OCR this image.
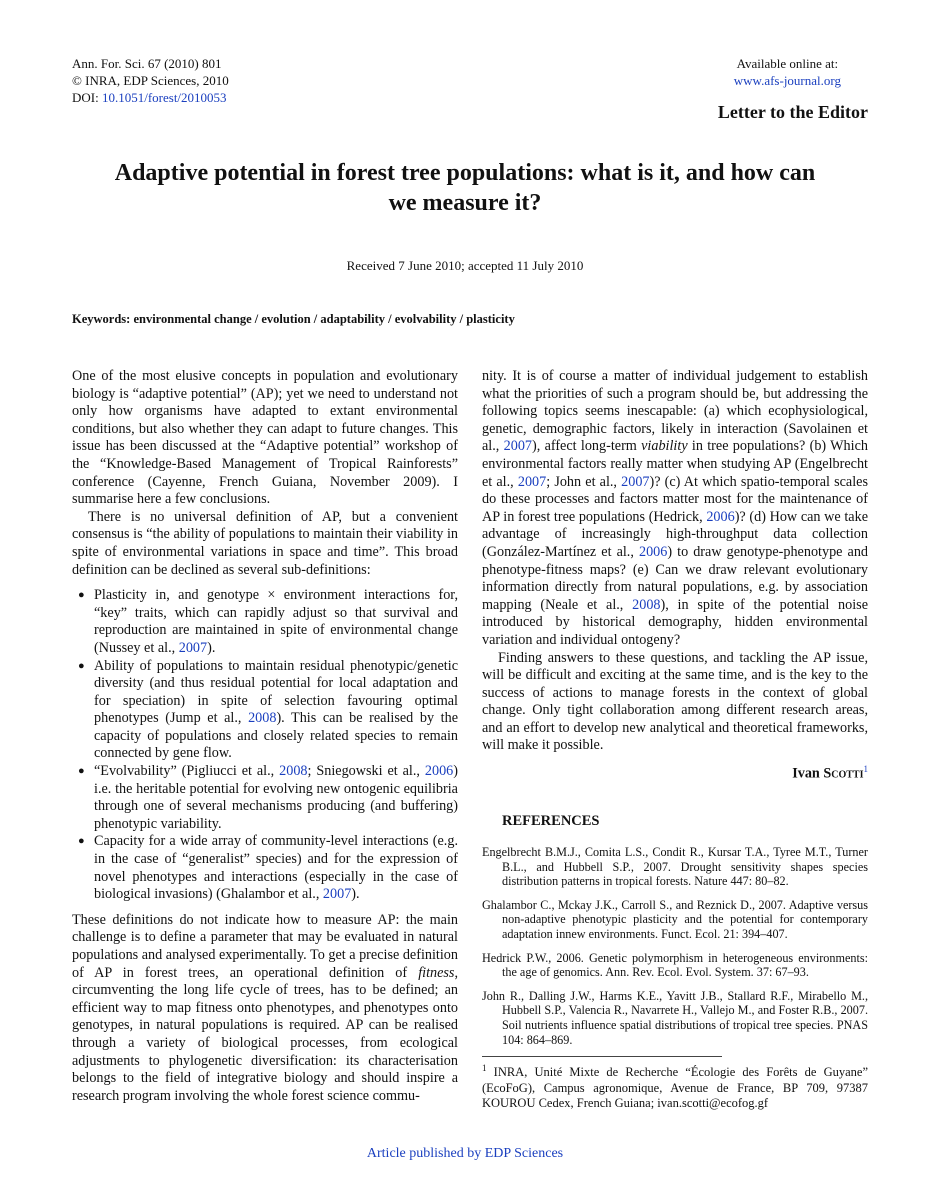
Ann. For. Sci. 67 (2010) 801
© INRA, EDP Sciences, 2010
DOI: 10.1051/forest/2010053
Available online at:
www.afs-journal.org
Letter to the Editor
Adaptive potential in forest tree populations: what is it, and how can
we measure it?
Received 7 June 2010; accepted 11 July 2010
Keywords: environmental change / evolution / adaptability / evolvability / plasticity

One of the most elusive concepts in population and evolutionary biology is “adaptive potential” (AP); yet we need to understand not only how organisms have adapted to extant environmental conditions, but also whether they can adapt to future changes. This issue has been discussed at the “Adaptive potential” workshop of the “Knowledge-Based Management of Tropical Rainforests” conference (Cayenne, French Guiana, November 2009). I summarise here a few conclusions.

There is no universal definition of AP, but a convenient consensus is “the ability of populations to maintain their viability in spite of environmental variations in space and time”. This broad definition can be declined as several sub-definitions:

● Plasticity in, and genotype × environment interactions for, “key” traits, which can rapidly adjust so that survival and reproduction are maintained in spite of environmental change (Nussey et al., 2007).
● Ability of populations to maintain residual phenotypic/genetic diversity (and thus residual potential for local adaptation and for speciation) in spite of selection favouring optimal phenotypes (Jump et al., 2008). This can be realised by the capacity of populations and closely related species to remain connected by gene flow.
● “Evolvability” (Pigliucci et al., 2008; Sniegowski et al., 2006) i.e. the heritable potential for evolving new ontogenic equilibria through one of several mechanisms producing (and buffering) phenotypic variability.
● Capacity for a wide array of community-level interactions (e.g. in the case of “generalist” species) and for the expression of novel phenotypes and interactions (especially in the case of biological invasions) (Ghalambor et al., 2007).

These definitions do not indicate how to measure AP: the main challenge is to define a parameter that may be evaluated in natural populations and analysed experimentally. To get a precise definition of AP in forest trees, an operational definition of fitness, circumventing the long life cycle of trees, has to be defined; an efficient way to map fitness onto phenotypes, and phenotypes onto genotypes, in natural populations is required. AP can be realised through a variety of biological processes, from ecological adjustments to phylogenetic diversification: its characterisation belongs to the field of integrative biology and should inspire a research program involving the whole forest science commu-

nity. It is of course a matter of individual judgement to establish what the priorities of such a program should be, but addressing the following topics seems inescapable: (a) which ecophysiological, genetic, demographic factors, likely in interaction (Savolainen et al., 2007), affect long-term viability in tree populations? (b) Which environmental factors really matter when studying AP (Engelbrecht et al., 2007; John et al., 2007)? (c) At which spatio-temporal scales do these processes and factors matter most for the maintenance of AP in forest tree populations (Hedrick, 2006)? (d) How can we take advantage of increasingly high-throughput data collection (González-Martínez et al., 2006) to draw genotype-phenotype and phenotype-fitness maps? (e) Can we draw relevant evolutionary information directly from natural populations, e.g. by association mapping (Neale et al., 2008), in spite of the potential noise introduced by historical demography, hidden environmental variation and individual ontogeny?

Finding answers to these questions, and tackling the AP issue, will be difficult and exciting at the same time, and is the key to the success of actions to manage forests in the context of global change. Only tight collaboration among different research areas, and an effort to develop new analytical and theoretical frameworks, will make it possible.

Ivan Scotti$^1$
REFERENCES
Engelbrecht B.M.J., Comita L.S., Condit R., Kursar T.A., Tyree M.T., Turner B.L., and Hubbell S.P., 2007. Drought sensitivity shapes species distribution patterns in tropical forests. Nature 447: 80–82.
Ghalambor C., Mckay J.K., Carroll S., and Reznick D., 2007. Adaptive versus non-adaptive phenotypic plasticity and the potential for contemporary adaptation innew environments. Funct. Ecol. 21: 394–407.
Hedrick P.W., 2006. Genetic polymorphism in heterogeneous environments: the age of genomics. Ann. Rev. Ecol. Evol. System. 37: 67–93.
John R., Dalling J.W., Harms K.E., Yavitt J.B., Stallard R.F., Mirabello M., Hubbell S.P., Valencia R., Navarrete H., Vallejo M., and Foster R.B., 2007. Soil nutrients influence spatial distributions of tropical tree species. PNAS 104: 864–869.
$^1$ INRA, Unité Mixte de Recherche “Écologie des Forêts de Guyane” (EcoFoG), Campus agronomique, Avenue de France, BP 709, 97387 KOUROU Cedex, French Guiana; ivan.scotti@ecofog.gf
Article published by EDP Sciences
